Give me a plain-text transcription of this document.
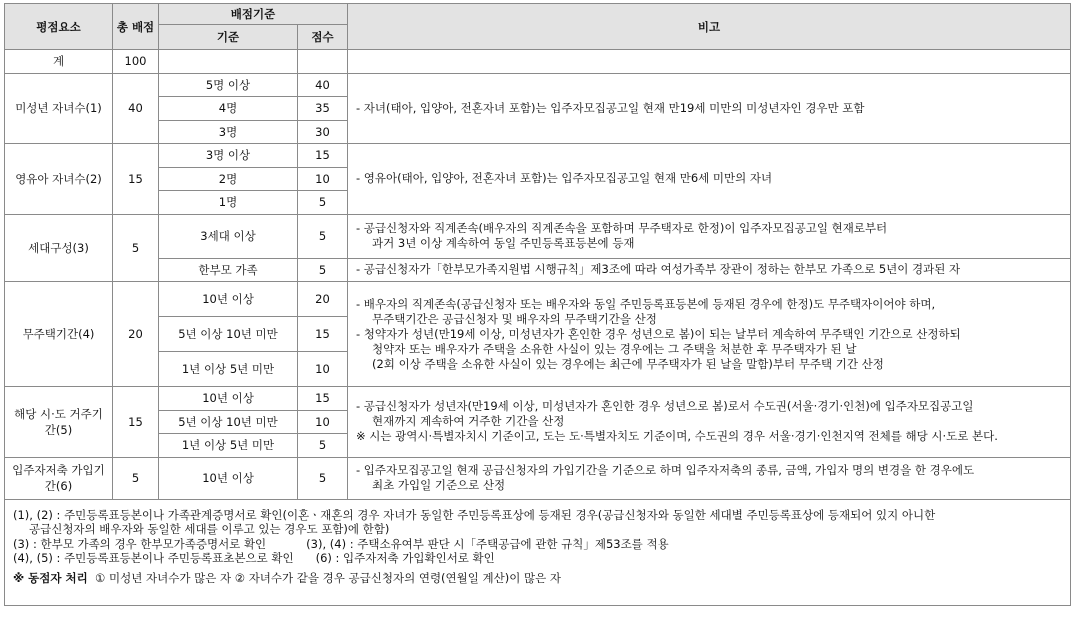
평점요소	총 배점	배점기준		비고
		기준	점수	
계	100			
미성년 자녀수(1)	40	5명 이상	40	- 자녀(태아, 입양아, 전혼자녀 포함)는 입주자모집공고일 현재 만19세 미만의 미성년자인 경우만 포함

		4명	35	
		3명	30	
영유아 자녀수(2)	15	3명 이상	15	- 영유아(태아, 입양아, 전혼자녀 포함)는 입주자모집공고일 현재 만6세 미만의 자녀

		2명	10	
		1명	5	
세대구성(3)	5	3세대 이상	5	- 공급신청자와 직계존속(배우자의 직계존속을 포함하며 무주택자로 한정)이 입주자모집공고일 현재로부터
과거 3년 이상 계속하여 동일 주민등록표등본에 등재

		한부모 가족	5	- 공급신청자가「한부모가족지원법 시행규칙」제3조에 따라 여성가족부 장관이 정하는 한부모 가족으로 5년이 경과된 자
무주택기간(4)	20	10년 이상	20	- 배우자의 직계존속(공급신청자 또는 배우자와 동일 주민등록표등본에 등재된 경우에 한정)도 무주택자이어야 하며,
무주택기간은 공급신청자 및 배우자의 무주택기간을 산정
- 청약자가 성년(만19세 이상, 미성년자가 혼인한 경우 성년으로 봄)이 되는 날부터 계속하여 무주택인 기간으로 산정하되
청약자 또는 배우자가 주택을 소유한 사실이 있는 경우에는 그 주택을 처분한 후 무주택자가 된 날
(2회 이상 주택을 소유한 사실이 있는 경우에는 최근에 무주택자가 된 날을 말함)부터 무주택 기간 산정

		5년 이상 10년 미만	15	
		1년 이상 5년 미만	10	
해당 시·도 거주기간(5)	15	10년 이상	15	- 공급신청자가 성년자(만19세 이상, 미성년자가 혼인한 경우 성년으로 봄)로서 수도권(서울·경기·인천)에 입주자모집공고일
현재까지 계속하여 거주한 기간을 산정
※ 시는 광역시·특별자치시 기준이고, 도는 도·특별자치도 기준이며, 수도권의 경우 서울·경기·인천지역 전체를 해당 시·도로 본다.

		5년 이상 10년 미만	10	
		1년 이상 5년 미만	5	
입주자저축 가입기간(6)	5	10년 이상	5	- 입주자모집공고일 현재 공급신청자의 가입기간을 기준으로 하며 입주자저축의 종류, 금액, 가입자 명의 변경을 한 경우에도
최초 가입일 기준으로 산정

(1), (2) : 주민등록표등본이나 가족관계증명서로 확인(이혼ㆍ재혼의 경우 자녀가 동일한 주민등록표상에 등재된 경우(공급신청자와 동일한 세대별 주민등록표상에 등재되어 있지 아니한
공급신청자의 배우자와 동일한 세대를 이루고 있는 경우도 포함)에 한함)
(3) : 한부모 가족의 경우 한부모가족증명서로 확인 (3), (4) : 주택소유여부 판단 시「주택공급에 관한 규칙」제53조를 적용
(4), (5) : 주민등록표등본이나 주민등록표초본으로 확인 (6) : 입주자저축 가입확인서로 확인
※ 동점자 처리 ① 미성년 자녀수가 많은 자 ② 자녀수가 같을 경우 공급신청자의 연령(연월일 계산)이 많은 자				
